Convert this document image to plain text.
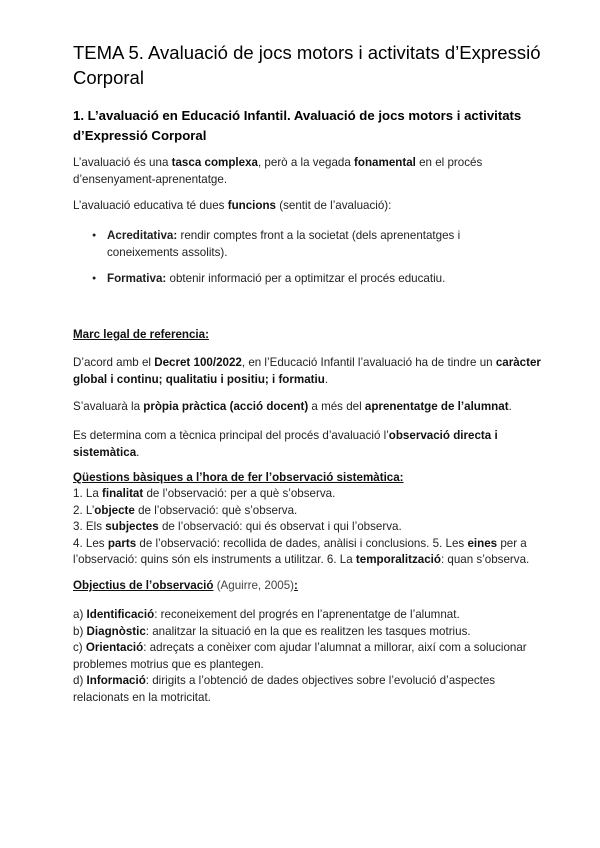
TEMA 5. Avaluació de jocs motors i activitats d’Expressió Corporal
1. L’avaluació en Educació Infantil. Avaluació de jocs motors i activitats d’Expressió Corporal
L’avaluació és una tasca complexa, però a la vegada fonamental en el procés d’ensenyament-aprenentatge.
L’avaluació educativa té dues funcions (sentit de l’avaluació):
● Acreditativa: rendir comptes front a la societat (dels aprenentatges i coneixements assolits).
● Formativa: obtenir informació per a optimitzar el procés educatiu.
Marc legal de referencia:
D’acord amb el Decret 100/2022, en l’Educació Infantil l’avaluació ha de tindre un caràcter global i continu; qualitatiu i positiu; i formatiu.
S’avaluarà la pròpia pràctica (acció docent) a més del aprenentatge de l’alumnat.
Es determina com a tècnica principal del procés d’avaluació l’observació directa i sistemàtica.
Qüestions bàsiques a l’hora de fer l’observació sistemàtica:
1. La finalitat de l’observació: per a què s’observa.
2. L’objecte de l’observació: què s’observa.
3. Els subjectes de l’observació: qui és observat i qui l’observa.
4. Les parts de l’observació: recollida de dades, anàlisi i conclusions. 5. Les eines per a l’observació: quins són els instruments a utilitzar. 6. La temporalització: quan s’observa.
Objectius de l’observació (Aguirre, 2005):
a) Identificació: reconeixement del progrés en l’aprenentatge de l’alumnat.
b) Diagnòstic: analitzar la situació en la que es realitzen les tasques motrius.
c) Orientació: adreçats a conèixer com ajudar l’alumnat a millorar, així com a solucionar problemes motrius que es plantegen.
d) Informació: dirigits a l’obtenció de dades objectives sobre l’evolució d’aspectes relacionats en la motricitat.
